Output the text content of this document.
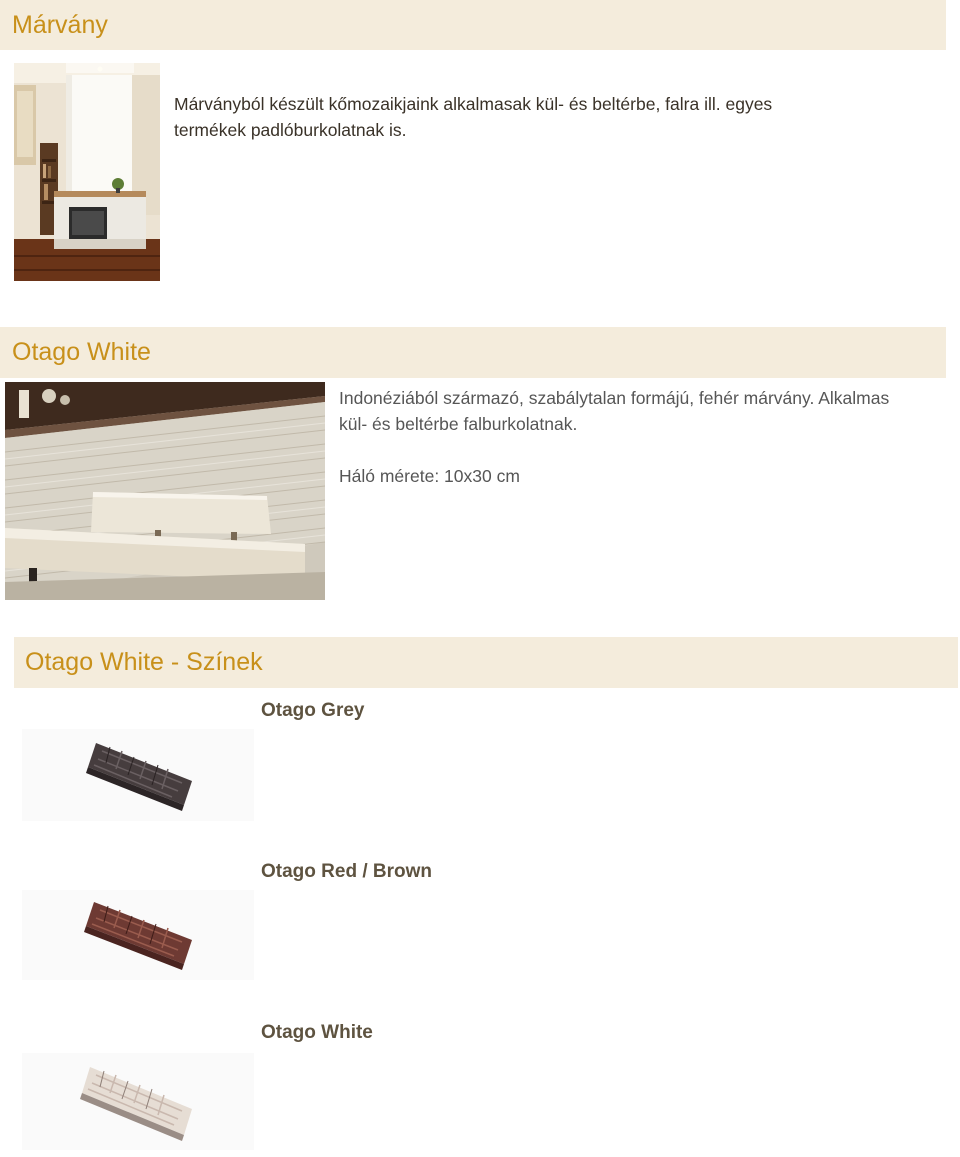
Márvány

Márványból készült kőmozaikjaink alkalmasak kül- és beltérbe, falra ill. egyes termékek padlóburkolatnak is.

Otago White

Indonéziából származó, szabálytalan formájú, fehér márvány. Alkalmas kül- és beltérbe falburkolatnak.

Háló mérete: 10x30 cm

Otago White - Színek
Otago Grey
Otago Red / Brown
Otago White
